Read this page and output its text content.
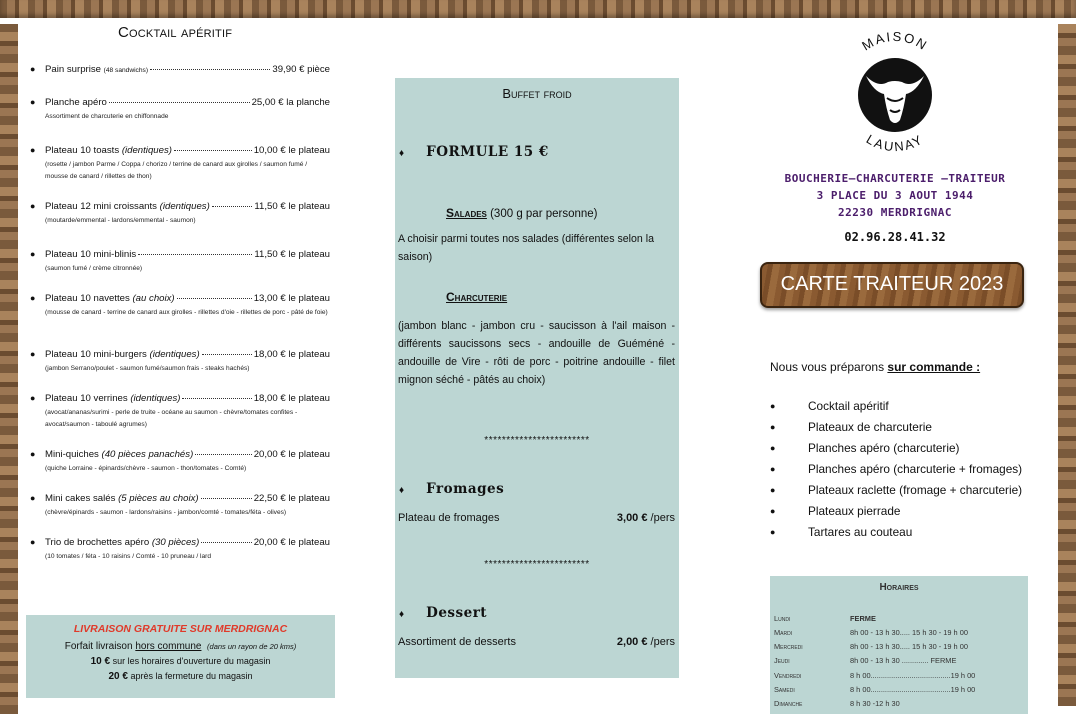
Cocktail apéritif
● Pain surprise
(48 sandwichs)	39,90 € pièce
● Planche apéro	25,00 € la planche
Assortiment de charcuterie en chiffonnade
● Plateau 10 toasts
(identiques)	10,00 € le plateau
(rosette / jambon Parme / Coppa / chorizo / terrine de canard aux girolles / saumon fumé / mousse de canard / rillettes de thon)
● Plateau 12 mini croissants
(identiques)	11,50 € le plateau
(moutarde/emmental - lardons/emmental - saumon)
● Plateau 10 mini-blinis	11,50 € le plateau
(saumon fumé / crème citronnée)
● Plateau 10 navettes
(au choix)	13,00 € le plateau
(mousse de canard - terrine de canard aux girolles - rillettes d'oie - rillettes de porc - pâté de foie)
● Plateau 10 mini-burgers
(identiques)	18,00 € le plateau
(jambon Serrano/poulet - saumon fumé/saumon frais - steaks hachés)
● Plateau 10 verrines
(identiques)	18,00 € le plateau
(avocat/ananas/surimi - perle de truite - océane au saumon - chèvre/tomates confites - avocat/saumon - taboulé agrumes)
● Mini-quiches
(40 pièces panachés)	20,00 € le plateau
(quiche Lorraine - épinards/chèvre - saumon - thon/tomates - Comté)
● Mini cakes salés
(5 pièces au choix)	22,50 € le plateau
(chèvre/épinards - saumon - lardons/raisins - jambon/comté - tomates/féta - olives)
● Trio de brochettes apéro
(30 pièces)	20,00 € le plateau
(10 tomates / féta - 10 raisins / Comté - 10 pruneau / lard
LIVRAISON GRATUITE SUR MERDRIGNAC
Forfait livraison hors commune (dans un rayon de 20 kms)
10 € sur les horaires d'ouverture du magasin
20 € après la fermeture du magasin
Buffet froid
♦ FORMULE 15 €
Salades (300 g par personne)
A choisir parmi toutes nos salades (différentes selon la saison)
Charcuterie
(jambon blanc - jambon cru - saucisson à l'ail maison - différents saucissons secs - andouille de Guéméné - andouille de Vire - rôti de porc - poitrine andouille - filet mignon séché - pâtés au choix)
************************
♦ Fromages
Plateau de fromages	3,00 € /pers
************************
♦ Dessert
Assortiment de desserts	2,00 € /pers
MAISON
LAUNAY
BOUCHERIE—CHARCUTERIE –TRAITEUR
3 PLACE DU 3 AOUT 1944
22230 MERDRIGNAC
02.96.28.41.32
CARTE TRAITEUR 2023
Nous vous préparons sur commande :
●	Cocktail apéritif
●	Plateaux de charcuterie
●	Planches apéro (charcuterie)
●	Planches apéro (charcuterie + fromages)
●	Plateaux raclette (fromage + charcuterie)
●	Plateaux pierrade
●	Tartares au couteau
Horaires
Lundi	FERME
Mardi	8h 00 - 13 h 30..... 15 h 30 - 19 h 00
Mercredi	8h 00 - 13 h 30..... 15 h 30 - 19 h 00
Jeudi	8h 00 - 13 h 30 ............. FERME
Vendredi	8 h 00.......................................19 h 00
Samedi	8 h 00.......................................19 h 00
Dimanche	8 h 30 -12 h 30
